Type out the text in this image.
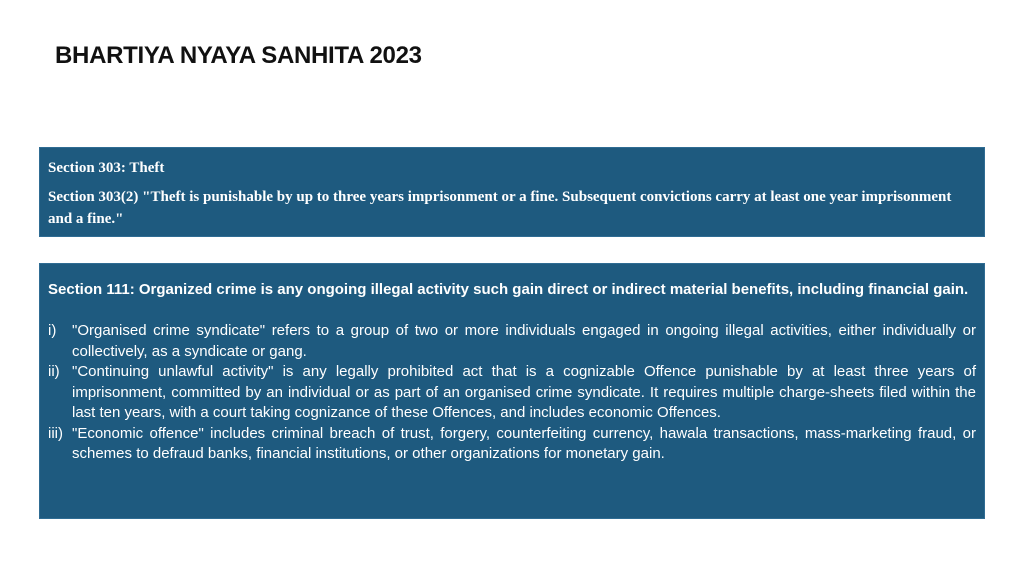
BHARTIYA NYAYA SANHITA 2023
Section 303: Theft
Section 303(2) "Theft is punishable by up to three years imprisonment or a fine. Subsequent convictions carry at least one year imprisonment and a fine."
Section 111: Organized crime is any ongoing illegal activity such gain direct or indirect material benefits, including financial gain.
i)	"Organised crime syndicate" refers to a group of two or more individuals engaged in ongoing illegal activities, either individually or collectively, as a syndicate or gang.
ii) "Continuing unlawful activity" is any legally prohibited act that is a cognizable Offence punishable by at least three years of imprisonment, committed by an individual or as part of an organised crime syndicate. It requires multiple charge-sheets filed within the last ten years, with a court taking cognizance of these Offences, and includes economic Offences.
iii) "Economic offence" includes criminal breach of trust, forgery, counterfeiting currency, hawala transactions, mass-marketing fraud, or schemes to defraud banks, financial institutions, or other organizations for monetary gain.
